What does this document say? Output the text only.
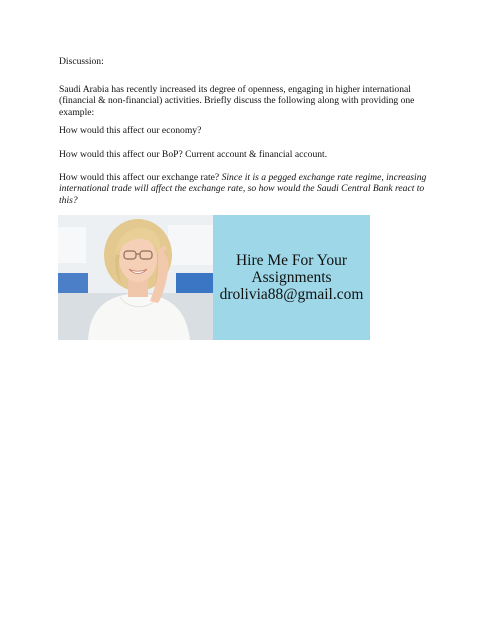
Discussion:

Saudi Arabia has recently increased its degree of openness, engaging in higher international (financial & non-financial) activities. Briefly discuss the following along with providing one example:

How would this affect our economy?

How would this affect our BoP? Current account & financial account.

How would this affect our exchange rate? Since it is a pegged exchange rate regime, increasing international trade will affect the exchange rate, so how would the Saudi Central Bank react to this?

Hire Me For Your
Assignments
drolivia88@gmail.com
